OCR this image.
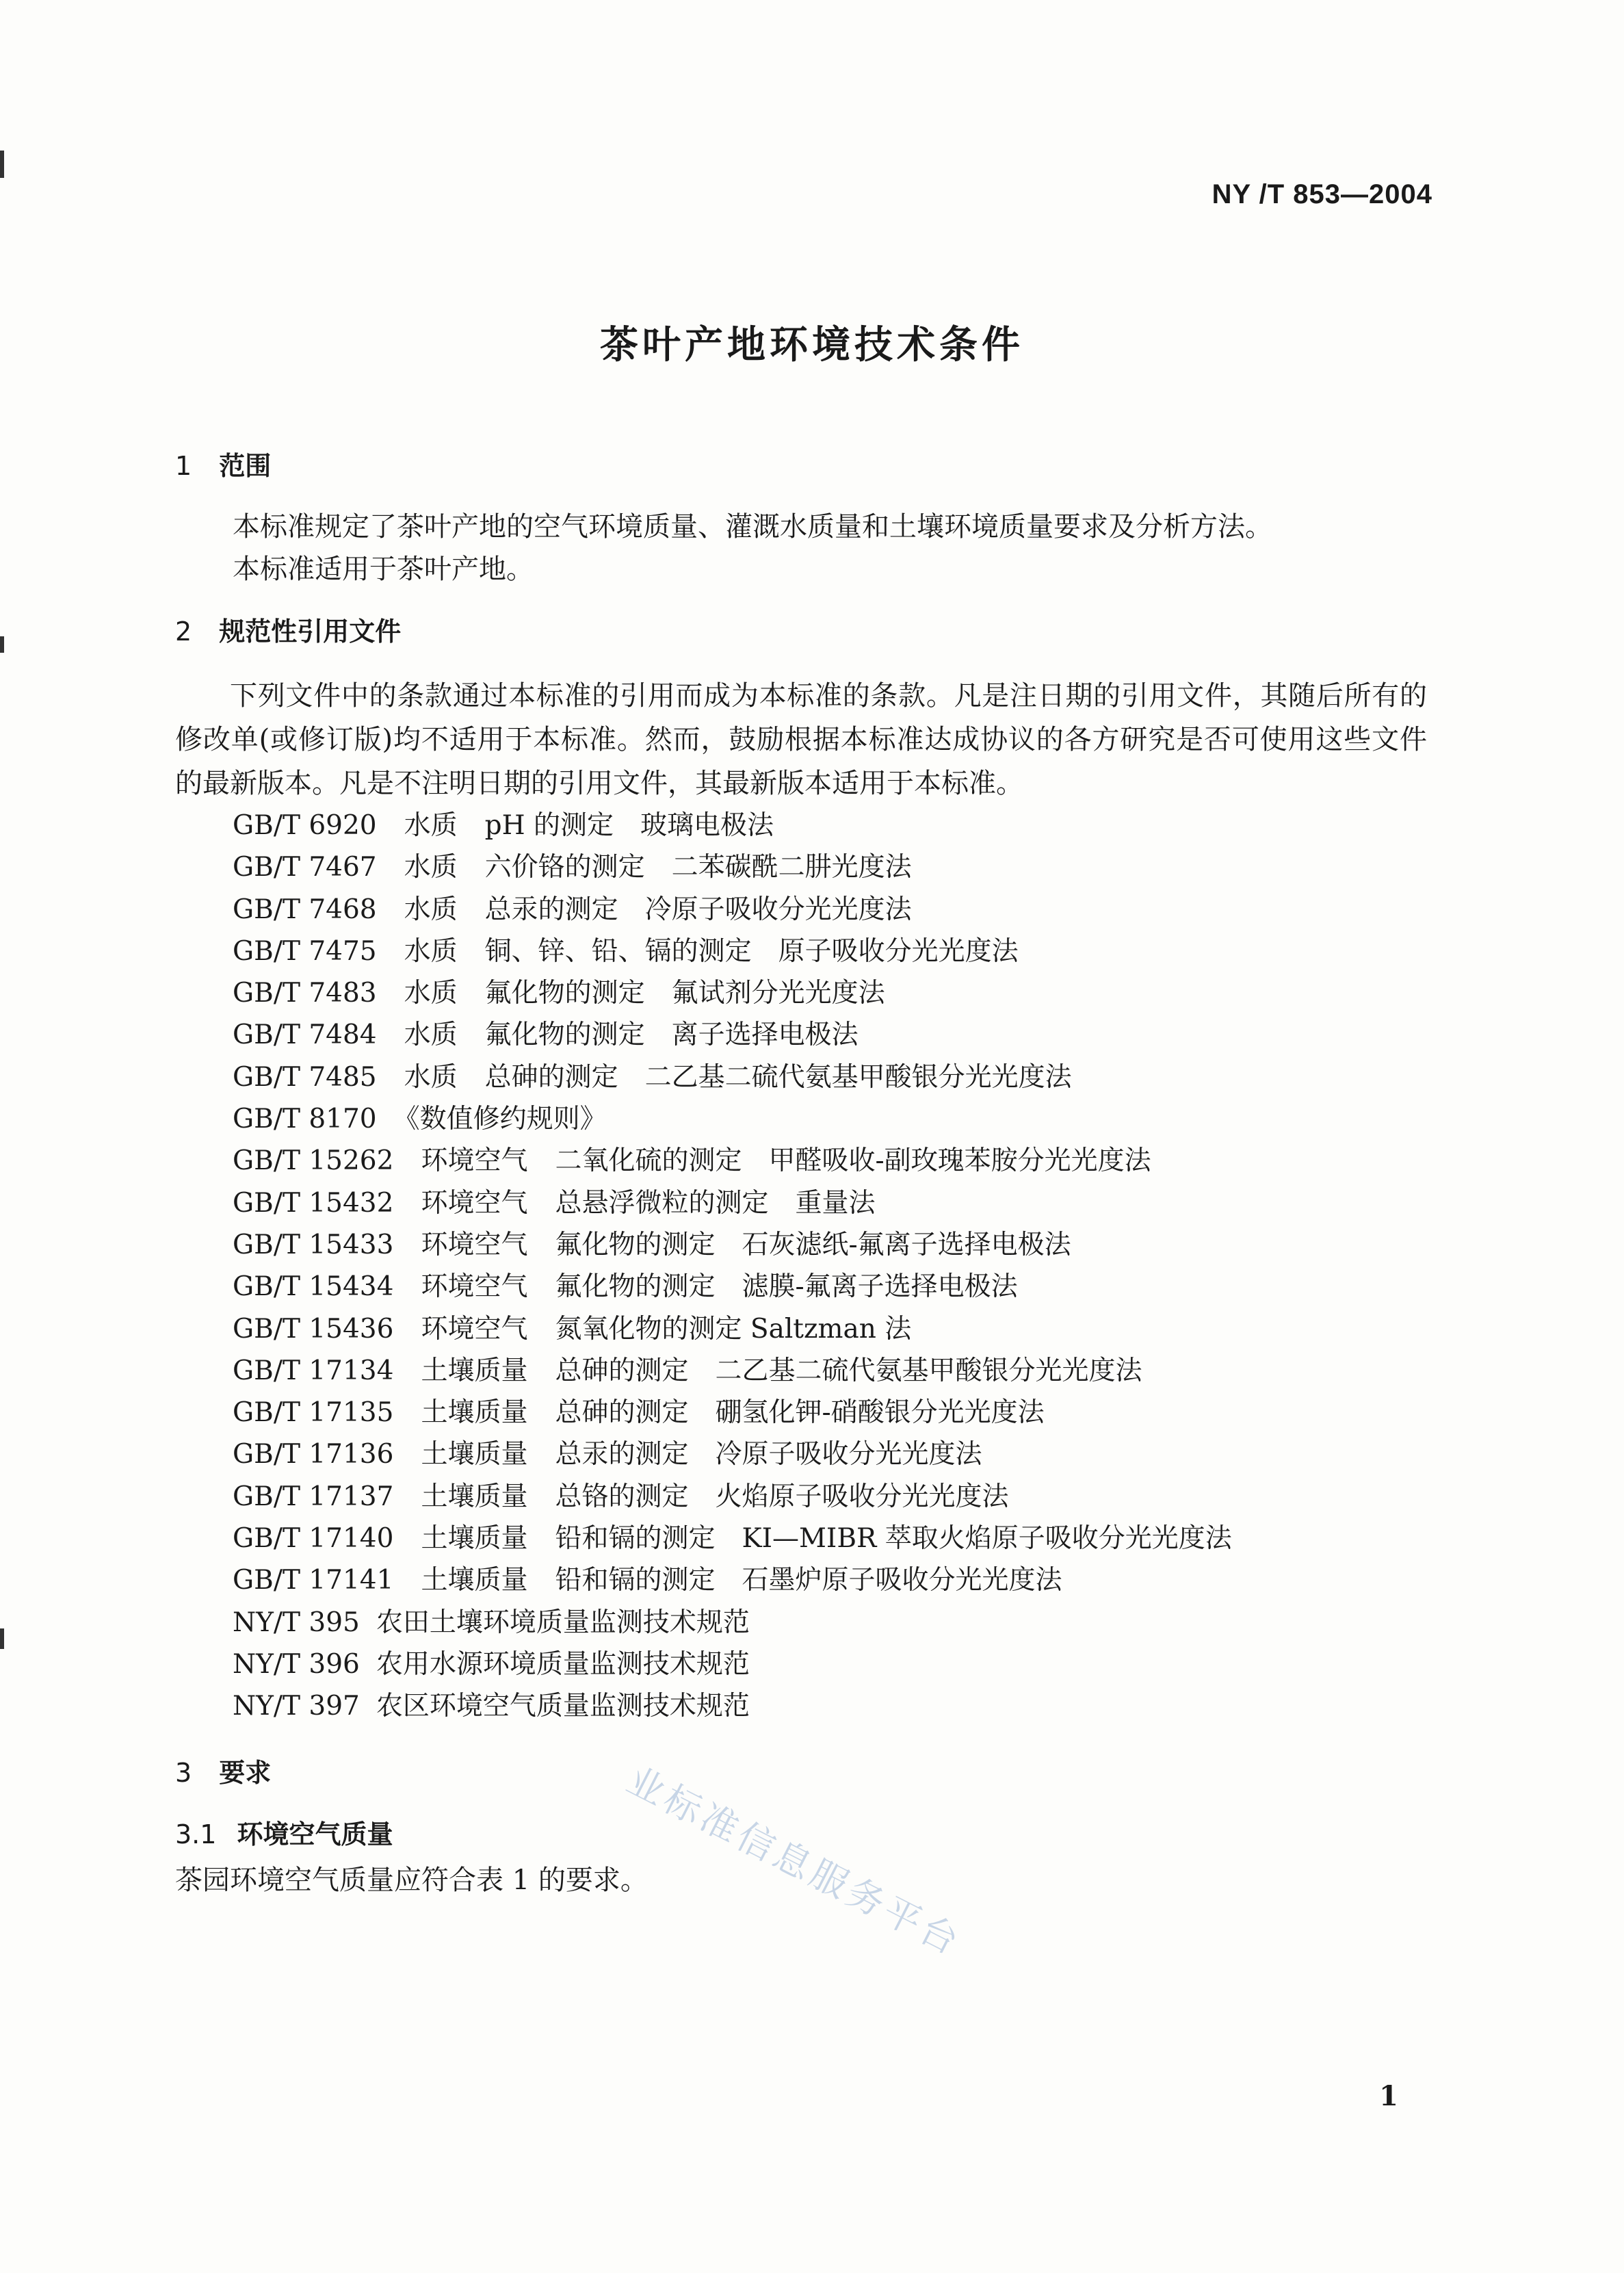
NY /T 853—2004
茶叶产地环境技术条件
1 范围
本标准规定了茶叶产地的空气环境质量、灌溉水质量和土壤环境质量要求及分析方法。
本标准适用于茶叶产地。
2 规范性引用文件
下列文件中的条款通过本标准的引用而成为本标准的条款。凡是注日期的引用文件，其随后所有的修改单(或修订版)均不适用于本标准。然而，鼓励根据本标准达成协议的各方研究是否可使用这些文件的最新版本。凡是不注明日期的引用文件，其最新版本适用于本标准。
GB/T 6920 水质 pH 的测定　玻璃电极法
GB/T 7467 水质 六价铬的测定　二苯碳酰二肼光度法
GB/T 7468 水质 总汞的测定　冷原子吸收分光光度法
GB/T 7475 水质 铜、锌、铅、镉的测定　原子吸收分光光度法
GB/T 7483 水质 氟化物的测定　氟试剂分光光度法
GB/T 7484 水质 氟化物的测定　离子选择电极法
GB/T 7485 水质 总砷的测定　二乙基二硫代氨基甲酸银分光光度法
GB/T 8170 《数值修约规则》
GB/T 15262 环境空气 二氧化硫的测定　甲醛吸收-副玫瑰苯胺分光光度法
GB/T 15432 环境空气 总悬浮微粒的测定　重量法
GB/T 15433 环境空气 氟化物的测定　石灰滤纸-氟离子选择电极法
GB/T 15434 环境空气 氟化物的测定　滤膜-氟离子选择电极法
GB/T 15436 环境空气 氮氧化物的测定 Saltzman 法
GB/T 17134 土壤质量 总砷的测定　二乙基二硫代氨基甲酸银分光光度法
GB/T 17135 土壤质量 总砷的测定　硼氢化钾-硝酸银分光光度法
GB/T 17136 土壤质量 总汞的测定　冷原子吸收分光光度法
GB/T 17137 土壤质量 总铬的测定　火焰原子吸收分光光度法
GB/T 17140 土壤质量 铅和镉的测定　KI—MIBR 萃取火焰原子吸收分光光度法
GB/T 17141 土壤质量 铅和镉的测定　石墨炉原子吸收分光光度法
NY/T 395 农田土壤环境质量监测技术规范
NY/T 396 农用水源环境质量监测技术规范
NY/T 397 农区环境空气质量监测技术规范
3 要求
3.1 环境空气质量
茶园环境空气质量应符合表 1 的要求。
业标准信息服务平台
1
